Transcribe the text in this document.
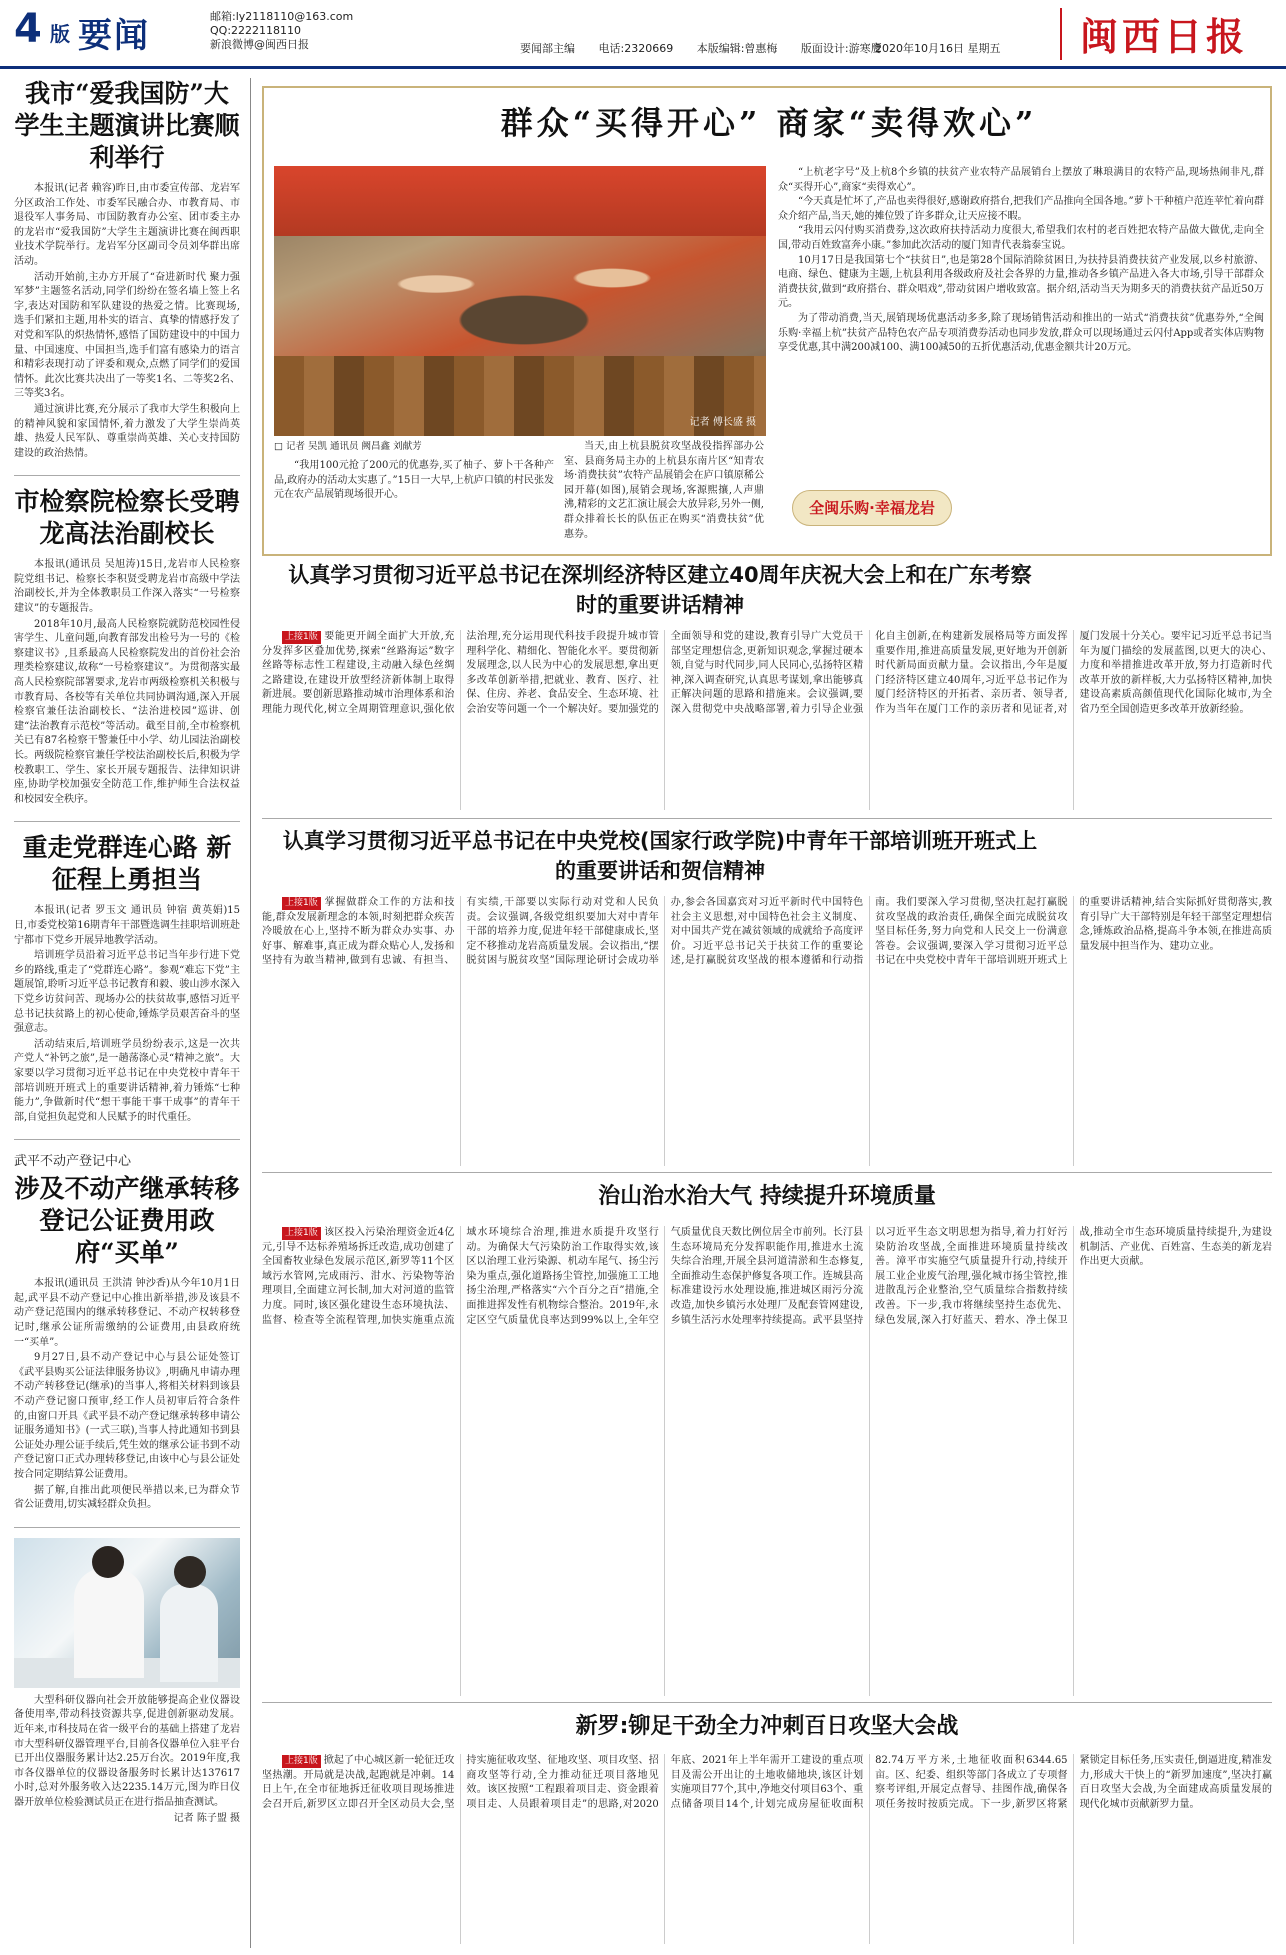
4 版 要闻	邮箱:ly2118110@163.com
QQ:2222118110
新浪微博@闽西日报	要闻部主编 电话:2320669 本版编辑:曾惠梅 版面设计:游寒鹰
2020年10月16日 星期五 闽西日报
我市“爱我国防”大学生主题演讲比赛顺利举行

本报讯(记者 赖容)昨日,由市委宣传部、龙岩军分区政治工作处、市委军民融合办、市教育局、市退役军人事务局、市国防教育办公室、团市委主办的龙岩市“爱我国防”大学生主题演讲比赛在闽西职业技术学院举行。龙岩军分区副司令员刘华群出席活动。

活动开始前,主办方开展了“奋进新时代 聚力强军梦”主题签名活动,同学们纷纷在签名墙上签上名字,表达对国防和军队建设的热爱之情。比赛现场,选手们紧扣主题,用朴实的语言、真挚的情感抒发了对党和军队的炽热情怀,感悟了国防建设中的中国力量、中国速度、中国担当,选手们富有感染力的语言和精彩表现打动了评委和观众,点燃了同学们的爱国情怀。此次比赛共决出了一等奖1名、二等奖2名、三等奖3名。

通过演讲比赛,充分展示了我市大学生积极向上的精神风貌和家国情怀,着力激发了大学生崇尚英雄、热爱人民军队、尊重崇尚英雄、关心支持国防建设的政治热情。

市检察院检察长受聘龙高法治副校长

本报讯(通讯员 吴旭涛)15日,龙岩市人民检察院党组书记、检察长李积贤受聘龙岩市高级中学法治副校长,并为全体教职员工作深入落实“一号检察建议”的专题报告。

2018年10月,最高人民检察院就防范校园性侵害学生、儿童问题,向教育部发出检号为一号的《检察建议书》,且系最高人民检察院发出的首份社会治理类检察建议,故称“一号检察建议”。为贯彻落实最高人民检察院部署要求,龙岩市两级检察机关积极与市教育局、各校等有关单位共同协调沟通,深入开展检察官兼任法治副校长、“法治进校园”巡讲、创建“法治教育示范校”等活动。截至目前,全市检察机关已有87名检察干警兼任中小学、幼儿园法治副校长。两级院检察官兼任学校法治副校长后,积极为学校教职工、学生、家长开展专题报告、法律知识讲座,协助学校加强安全防范工作,维护师生合法权益和校园安全秩序。

重走党群连心路 新征程上勇担当

本报讯(记者 罗玉文 通讯员 钟宿 黄英娟)15日,市委党校第16期青年干部暨选调生挂职培训班赴宁都市下党乡开展异地教学活动。

培训班学员沿着习近平总书记当年步行进下党乡的路线,重走了“党群连心路”。参观“难忘下党”主题展馆,聆听习近平总书记教育和毅、骏山涉水深入下党乡访贫问苦、现场办公的扶贫故事,感悟习近平总书记扶贫路上的初心使命,锤炼学员艰苦奋斗的坚强意志。

活动结束后,培训班学员纷纷表示,这是一次共产党人“补钙之旅”,是一趟荡涤心灵“精神之旅”。大家要以学习贯彻习近平总书记在中央党校中青年干部培训班开班式上的重要讲话精神,着力锤炼“七种能力”,争做新时代“想干事能干事干成事”的青年干部,自觉担负起党和人民赋予的时代重任。

武平不动产登记中心
涉及不动产继承转移登记公证费用政府“买单”

本报讯(通讯员 王洪清 钟沙香)从今年10月1日起,武平县不动产登记中心推出新举措,涉及该县不动产登记范围内的继承转移登记、不动产权转移登记时,继承公证所需缴纳的公证费用,由县政府统一“买单”。

9月27日,县不动产登记中心与县公证处签订《武平县购买公证法律服务协议》,明确凡申请办理不动产转移登记(继承)的当事人,将相关材料到该县不动产登记窗口预审,经工作人员初审后符合条件的,由窗口开具《武平县不动产登记继承转移申请公证服务通知书》(一式三联),当事人持此通知书到县公证处办理公证手续后,凭生效的继承公证书到不动产登记窗口正式办理转移登记,由该中心与县公证处按合同定期结算公证费用。

据了解,自推出此项便民举措以来,已为群众节省公证费用,切实减轻群众负担。

大型科研仪器向社会开放能够提高企业仪器设备使用率,带动科技资源共享,促进创新驱动发展。近年来,市科技局在省一级平台的基础上搭建了龙岩市大型科研仪器管理平台,目前各仪器单位入驻平台已开出仪器服务累计达2.25万台次。2019年度,我市各仪器单位的仪器设备服务时长累计达137617小时,总对外服务收入达2235.14万元,图为昨日仪器开放单位检验测试员正在进行指品抽查测试。

记者 陈子盟 摄
群众“买得开心” 商家“卖得欢心”
记者 傅长盛 摄
□ 记者 吴凯 通讯员 阙昌鑫 刘献芳
“我用100元抢了200元的优惠券,买了柚子、萝卜干各种产品,政府办的活动太实惠了。”15日一大早,上杭庐口镇的村民张发元在农产品展销现场很开心。
当天,由上杭县脱贫攻坚战役指挥部办公室、县商务局主办的上杭县东南片区“知青农场·消费扶贫”农特产品展销会在庐口镇原稀公园开幕(如图),展销会现场,客源熙攘,人声鼎沸,精彩的文艺汇演让展会大放异彩,另外一侧,群众排着长长的队伍正在购买“消费扶贫”优惠券。

“上杭老字号”及上杭8个乡镇的扶贫产业农特产品展销台上摆放了琳琅满目的农特产品,现场热闹非凡,群众“买得开心”,商家“卖得欢心”。

“今天真是忙坏了,产品也卖得很好,感谢政府搭台,把我们产品推向全国各地。”萝卜干种植户范连苹忙着向群众介绍产品,当天,她的摊位毁了许多群众,让天应接不暇。

“我用云闪付购买消费券,这次政府扶持活动力度很大,希望我们农村的老百姓把农特产品做大做优,走向全国,带动百姓致富奔小康。”参加此次活动的厦门知青代表翁泰宝说。

10月17日是我国第七个“扶贫日”,也是第28个国际消除贫困日,为扶持县消费扶贫产业发展,以乡村旅游、电商、绿色、健康为主题,上杭县利用各级政府及社会各界的力量,推动各乡镇产品进入各大市场,引导干部群众消费扶贫,做到“政府搭台、群众唱戏”,带动贫困户增收致富。据介绍,活动当天为期多天的消费扶贫产品近50万元。

为了带动消费,当天,展销现场优惠活动多多,除了现场销售活动和推出的一站式“消费扶贫”优惠券外,“全闽乐购·幸福上杭”扶贫产品特色农产品专项消费券活动也同步发放,群众可以现场通过云闪付App或者实体店购物享受优惠,其中满200减100、满100减50的五折优惠活动,优惠金额共计20万元。

认真学习贯彻习近平总书记在深圳经济特区建立40周年庆祝大会上和在广东考察时的重要讲话精神
上接1版 要能更开阔全面扩大开放,充分发挥多区叠加优势,探索“丝路海运”数字丝路等标志性工程建设,主动融入绿色丝绸之路建设,在建设开放型经济新体制上取得新进展。要创新思路推动城市治理体系和治理能力现代化,树立全周期管理意识,强化依法治理,充分运用现代科技手段提升城市管理科学化、精细化、智能化水平。要贯彻新发展理念,以人民为中心的发展思想,拿出更多改革创新举措,把就业、教育、医疗、社保、住房、养老、食品安全、生态环境、社会治安等问题一个一个解决好。要加强党的全面领导和党的建设,教育引导广大党员干部坚定理想信念,更新知识观念,掌握过硬本领,自觉与时代同步,同人民同心,弘扬特区精神,深入调查研究,认真思考谋划,拿出能够真正解决问题的思路和措施来。会议强调,要深入贯彻党中央战略部署,着力引导企业强化自主创新,在构建新发展格局等方面发挥重要作用,推进高质量发展,更好地为开创新时代新局面贡献力量。会议指出,今年是厦门经济特区建立40周年,习近平总书记作为厦门经济特区的开拓者、亲历者、领导者,作为当年在厦门工作的亲历者和见证者,对厦门发展十分关心。要牢记习近平总书记当年为厦门描绘的发展蓝图,以更大的决心、力度和举措推进改革开放,努力打造新时代改革开放的新样板,大力弘扬特区精神,加快建设高素质高颜值现代化国际化城市,为全省乃至全国创造更多改革开放新经验。
认真学习贯彻习近平总书记在中央党校(国家行政学院)中青年干部培训班开班式上的重要讲话和贺信精神
上接1版 掌握做群众工作的方法和技能,群众发展新理念的本领,时刻把群众疾苦冷暖放在心上,坚持不断为群众办实事、办好事、解难事,真正成为群众贴心人,发扬和坚持有为敢当精神,做到有忠诚、有担当、有实绩,干部要以实际行动对党和人民负责。会议强调,各级党组织要加大对中青年干部的培养力度,促进年轻干部健康成长,坚定不移推动龙岩高质量发展。会议指出,“摆脱贫困与脱贫攻坚”国际理论研讨会成功举办,参会各国嘉宾对习近平新时代中国特色社会主义思想,对中国特色社会主义制度、对中国共产党在减贫领域的成就给予高度评价。习近平总书记关于扶贫工作的重要论述,是打赢脱贫攻坚战的根本遵循和行动指南。我们要深入学习贯彻,坚决扛起打赢脱贫攻坚战的政治责任,确保全面完成脱贫攻坚目标任务,努力向党和人民交上一份满意答卷。会议强调,要深入学习贯彻习近平总书记在中央党校中青年干部培训班开班式上的重要讲话精神,结合实际抓好贯彻落实,教育引导广大干部特别是年轻干部坚定理想信念,锤炼政治品格,提高斗争本领,在推进高质量发展中担当作为、建功立业。
治山治水治大气 持续提升环境质量
上接1版 该区投入污染治理资金近4亿元,引导不达标养殖场拆迁改造,成功创建了全国畜牧业绿色发展示范区,新罗等11个区域污水管网,完成雨污、泔水、污染物等治理项目,全面建立河长制,加大对河道的监管力度。同时,该区强化建设生态环境执法、监督、检查等全流程管理,加快实施重点流域水环境综合治理,推进水质提升攻坚行动。为确保大气污染防治工作取得实效,该区以治理工业污染源、机动车尾气、扬尘污染为重点,强化道路扬尘管控,加强施工工地扬尘治理,严格落实“六个百分之百”措施,全面推进挥发性有机物综合整治。2019年,永定区空气质量优良率达到99%以上,全年空气质量优良天数比例位居全市前列。长汀县生态环境局充分发挥职能作用,推进水土流失综合治理,开展全县河道清淤和生态修复,全面推动生态保护修复各项工作。连城县高标准建设污水处理设施,推进城区雨污分流改造,加快乡镇污水处理厂及配套管网建设,乡镇生活污水处理率持续提高。武平县坚持以习近平生态文明思想为指导,着力打好污染防治攻坚战,全面推进环境质量持续改善。漳平市实施空气质量提升行动,持续开展工业企业废气治理,强化城市扬尘管控,推进散乱污企业整治,空气质量综合指数持续改善。下一步,我市将继续坚持生态优先、绿色发展,深入打好蓝天、碧水、净土保卫战,推动全市生态环境质量持续提升,为建设机制活、产业优、百姓富、生态美的新龙岩作出更大贡献。
新罗:铆足干劲全力冲刺百日攻坚大会战
上接1版 掀起了中心城区新一轮征迁攻坚热潮。开局就是决战,起跑就是冲刺。14日上午,在全市征地拆迁征收项目现场推进会召开后,新罗区立即召开全区动员大会,坚持实施征收攻坚、征地攻坚、项目攻坚、招商攻坚等行动,全力推动征迁项目落地见效。该区按照“工程跟着项目走、资金跟着项目走、人员跟着项目走”的思路,对2020年底、2021年上半年需开工建设的重点项目及需公开出让的土地收储地块,该区计划实施项目77个,其中,净地交付项目63个、重点储备项目14个,计划完成房屋征收面积82.74万平方米,土地征收面积6344.65亩。区、纪委、组织等部门各成立了专项督察考评组,开展定点督导、挂图作战,确保各项任务按时按质完成。下一步,新罗区将紧紧锁定目标任务,压实责任,倒逼进度,精准发力,形成大干快上的“新罗加速度”,坚决打赢百日攻坚大会战,为全面建成高质量发展的现代化城市贡献新罗力量。
全闽乐购·幸福龙岩
